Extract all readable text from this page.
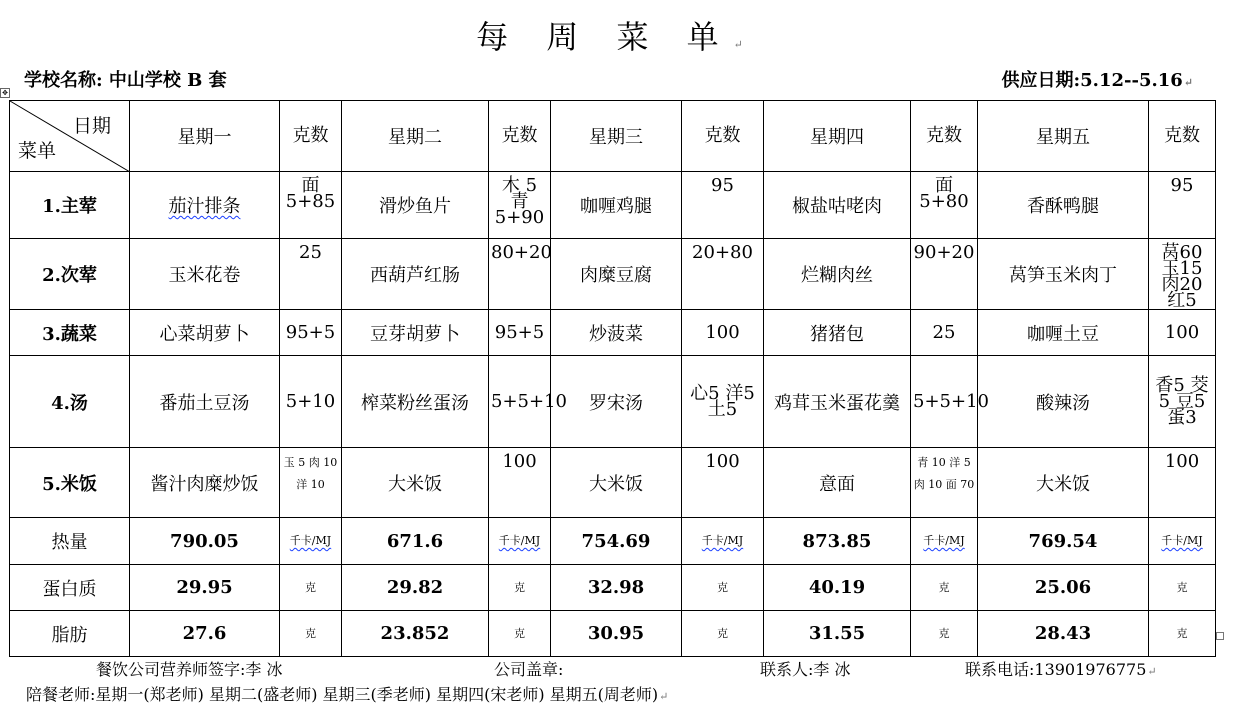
每 周 菜 单↵
学校名称: 中山学校 B 套	供应日期:5.12--5.16↵
✥
日期
菜单	星期一	克数	星期二	克数	星期三	克数	星期四	克数	星期五	克数
1.主荤	茄汁排条	面5+85	滑炒鱼片	木 5 青 5+90	咖喱鸡腿	95	椒盐咕咾肉	面5+80	香酥鸭腿	95
2.次荤	玉米花卷	25	西葫芦红肠	80+20	肉糜豆腐	20+80	烂糊肉丝	90+20	莴笋玉米肉丁	莴60 玉15 肉20 红5
3.蔬菜	心菜胡萝卜	95+5	豆芽胡萝卜	95+5	炒菠菜	100	猪猪包	25	咖喱土豆	100
4.汤	番茄土豆汤	5+10	榨菜粉丝蛋汤	5+5+10	罗宋汤	心5 洋5 土5	鸡茸玉米蛋花羹	5+5+10	酸辣汤	香5 茭5 豆5 蛋3
5.米饭	酱汁肉糜炒饭	玉 5 肉 10 洋 10	大米饭	100	大米饭	100	意面	青 10 洋 5 肉 10 面 70	大米饭	100
热量	790.05	千卡/MJ	671.6	千卡/MJ	754.69	千卡/MJ	873.85	千卡/MJ	769.54	千卡/MJ
蛋白质	29.95	克	29.82	克	32.98	克	40.19	克	25.06	克
脂肪	27.6	克	23.852	克	30.95	克	31.55	克	28.43	克
餐饮公司营养师签字:李 冰	公司盖章:	联系人:李 冰	联系电话:13901976775↵
陪餐老师:星期一(郑老师) 星期二(盛老师) 星期三(季老师) 星期四(宋老师) 星期五(周老师)↵
